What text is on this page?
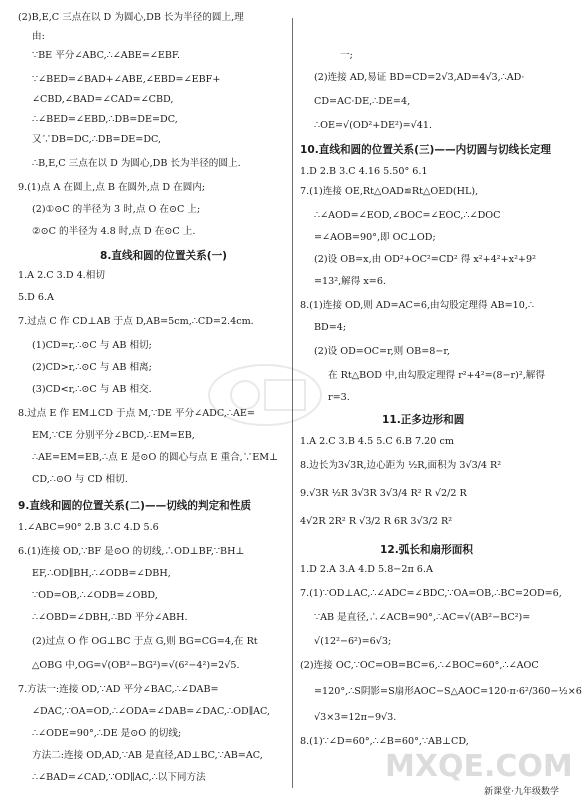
(2)B,E,C 三点在以 D 为圆心,DB 长为半径的圆上,理
由:
∵BE 平分∠ABC,∴∠ABE=∠EBF.
∵∠BED=∠BAD+∠ABE,∠EBD=∠EBF+
∠CBD,∠BAD=∠CAD=∠CBD,
∴∠BED=∠EBD,∴DB=DE=DC,
又∵DB=DC,∴DB=DE=DC,
∴B,E,C 三点在以 D 为圆心,DB 长为半径的圆上.
9.(1)点 A 在圆上,点 B 在圆外,点 D 在圆内;
(2)①⊙C 的半径为 3 时,点 O 在⊙C 上;
②⊙C 的半径为 4.8 时,点 D 在⊙C 上.
8.直线和圆的位置关系(一)
1.A 2.C 3.D 4.相切
5.D 6.A
7.过点 C 作 CD⊥AB 于点 D,AB=5cm,∴CD=2.4cm.
(1)CD=r,∴⊙C 与 AB 相切;
(2)CD>r,∴⊙C 与 AB 相离;
(3)CD<r,∴⊙C 与 AB 相交.
8.过点 E 作 EM⊥CD 于点 M,∵DE 平分∠ADC,∴AE=
EM,∵CE 分别平分∠BCD,∴EM=EB,
∴AE=EM=EB,∴点 E 是⊙O 的圆心与点 E 重合,∵EM⊥
CD,∴⊙O 与 CD 相切.
9.直线和圆的位置关系(二)——切线的判定和性质
1.∠ABC=90° 2.B 3.C 4.D 5.6
6.(1)连接 OD,∵BF 是⊙O 的切线,∴OD⊥BF,∵BH⊥
EF,∴OD∥BH,∴∠ODB=∠DBH,
∵OD=OB,∴∠ODB=∠OBD,
∴∠OBD=∠DBH,∴BD 平分∠ABH.
(2)过点 O 作 OG⊥BC 于点 G,则 BG=CG=4,在 Rt
△OBG 中,OG=√(OB²−BG²)=√(6²−4²)=2√5.
7.方法一:连接 OD,∵AD 平分∠BAC,∴∠DAB=
∠DAC,∵OA=OD,∴∠ODA=∠DAB=∠DAC,∴OD∥AC,
∴∠ODE=90°,∴DE 是⊙O 的切线;
方法二:连接 OD,AD,∵AB 是直径,AD⊥BC,∵AB=AC,
∴∠BAD=∠CAD,∵OD∥AC,∴以下同方法
一;
(2)连接 AD,易证 BD=CD=2√3,AD=4√3,∴AD·
CD=AC·DE,∴DE=4,
∴OE=√(OD²+DE²)=√41.
10.直线和圆的位置关系(三)——内切圆与切线长定理
1.D 2.B 3.C 4.16 5.50° 6.1
7.(1)连接 OE,Rt△OAD≌Rt△OED(HL),
∴∠AOD=∠EOD,∠BOC=∠EOC,∴∠DOC
=∠AOB=90°,即 OC⊥OD;
(2)设 OB=x,由 OD²+OC²=CD² 得 x²+4²+x²+9²
=13²,解得 x=6.
8.(1)连接 OD,则 AD=AC=6,由勾股定理得 AB=10,∴
BD=4;
(2)设 OD=OC=r,则 OB=8−r,
在 Rt△BOD 中,由勾股定理得 r²+4²=(8−r)²,解得
r=3.
11.正多边形和圆
1.A 2.C 3.B 4.5 5.C 6.B 7.20 cm
8.边长为3√3R,边心距为 ½R,面积为 3√3/4 R²
9.√3R ½R 3√3R 3√3/4 R² R √2/2 R
4√2R 2R² R √3/2 R 6R 3√3/2 R²
12.弧长和扇形面积
1.D 2.A 3.A 4.D 5.8−2π 6.A
7.(1)∵OD⊥AC,∴∠ADC=∠BDC,∵OA=OB,∴BC=2OD=6,
∵AB 是直径,∴∠ACB=90°,∴AC=√(AB²−BC²)=
√(12²−6²)=6√3;
(2)连接 OC,∵OC=OB=BC=6,∴∠BOC=60°,∴∠AOC
=120°,∴S阴影=S扇形AOC−S△AOC=120·π·6²/360−½×6
√3×3=12π−9√3.
8.(1)∵∠D=60°,∴∠B=60°,∵AB⊥CD,
MXQE.COM
新课堂·九年级数学
